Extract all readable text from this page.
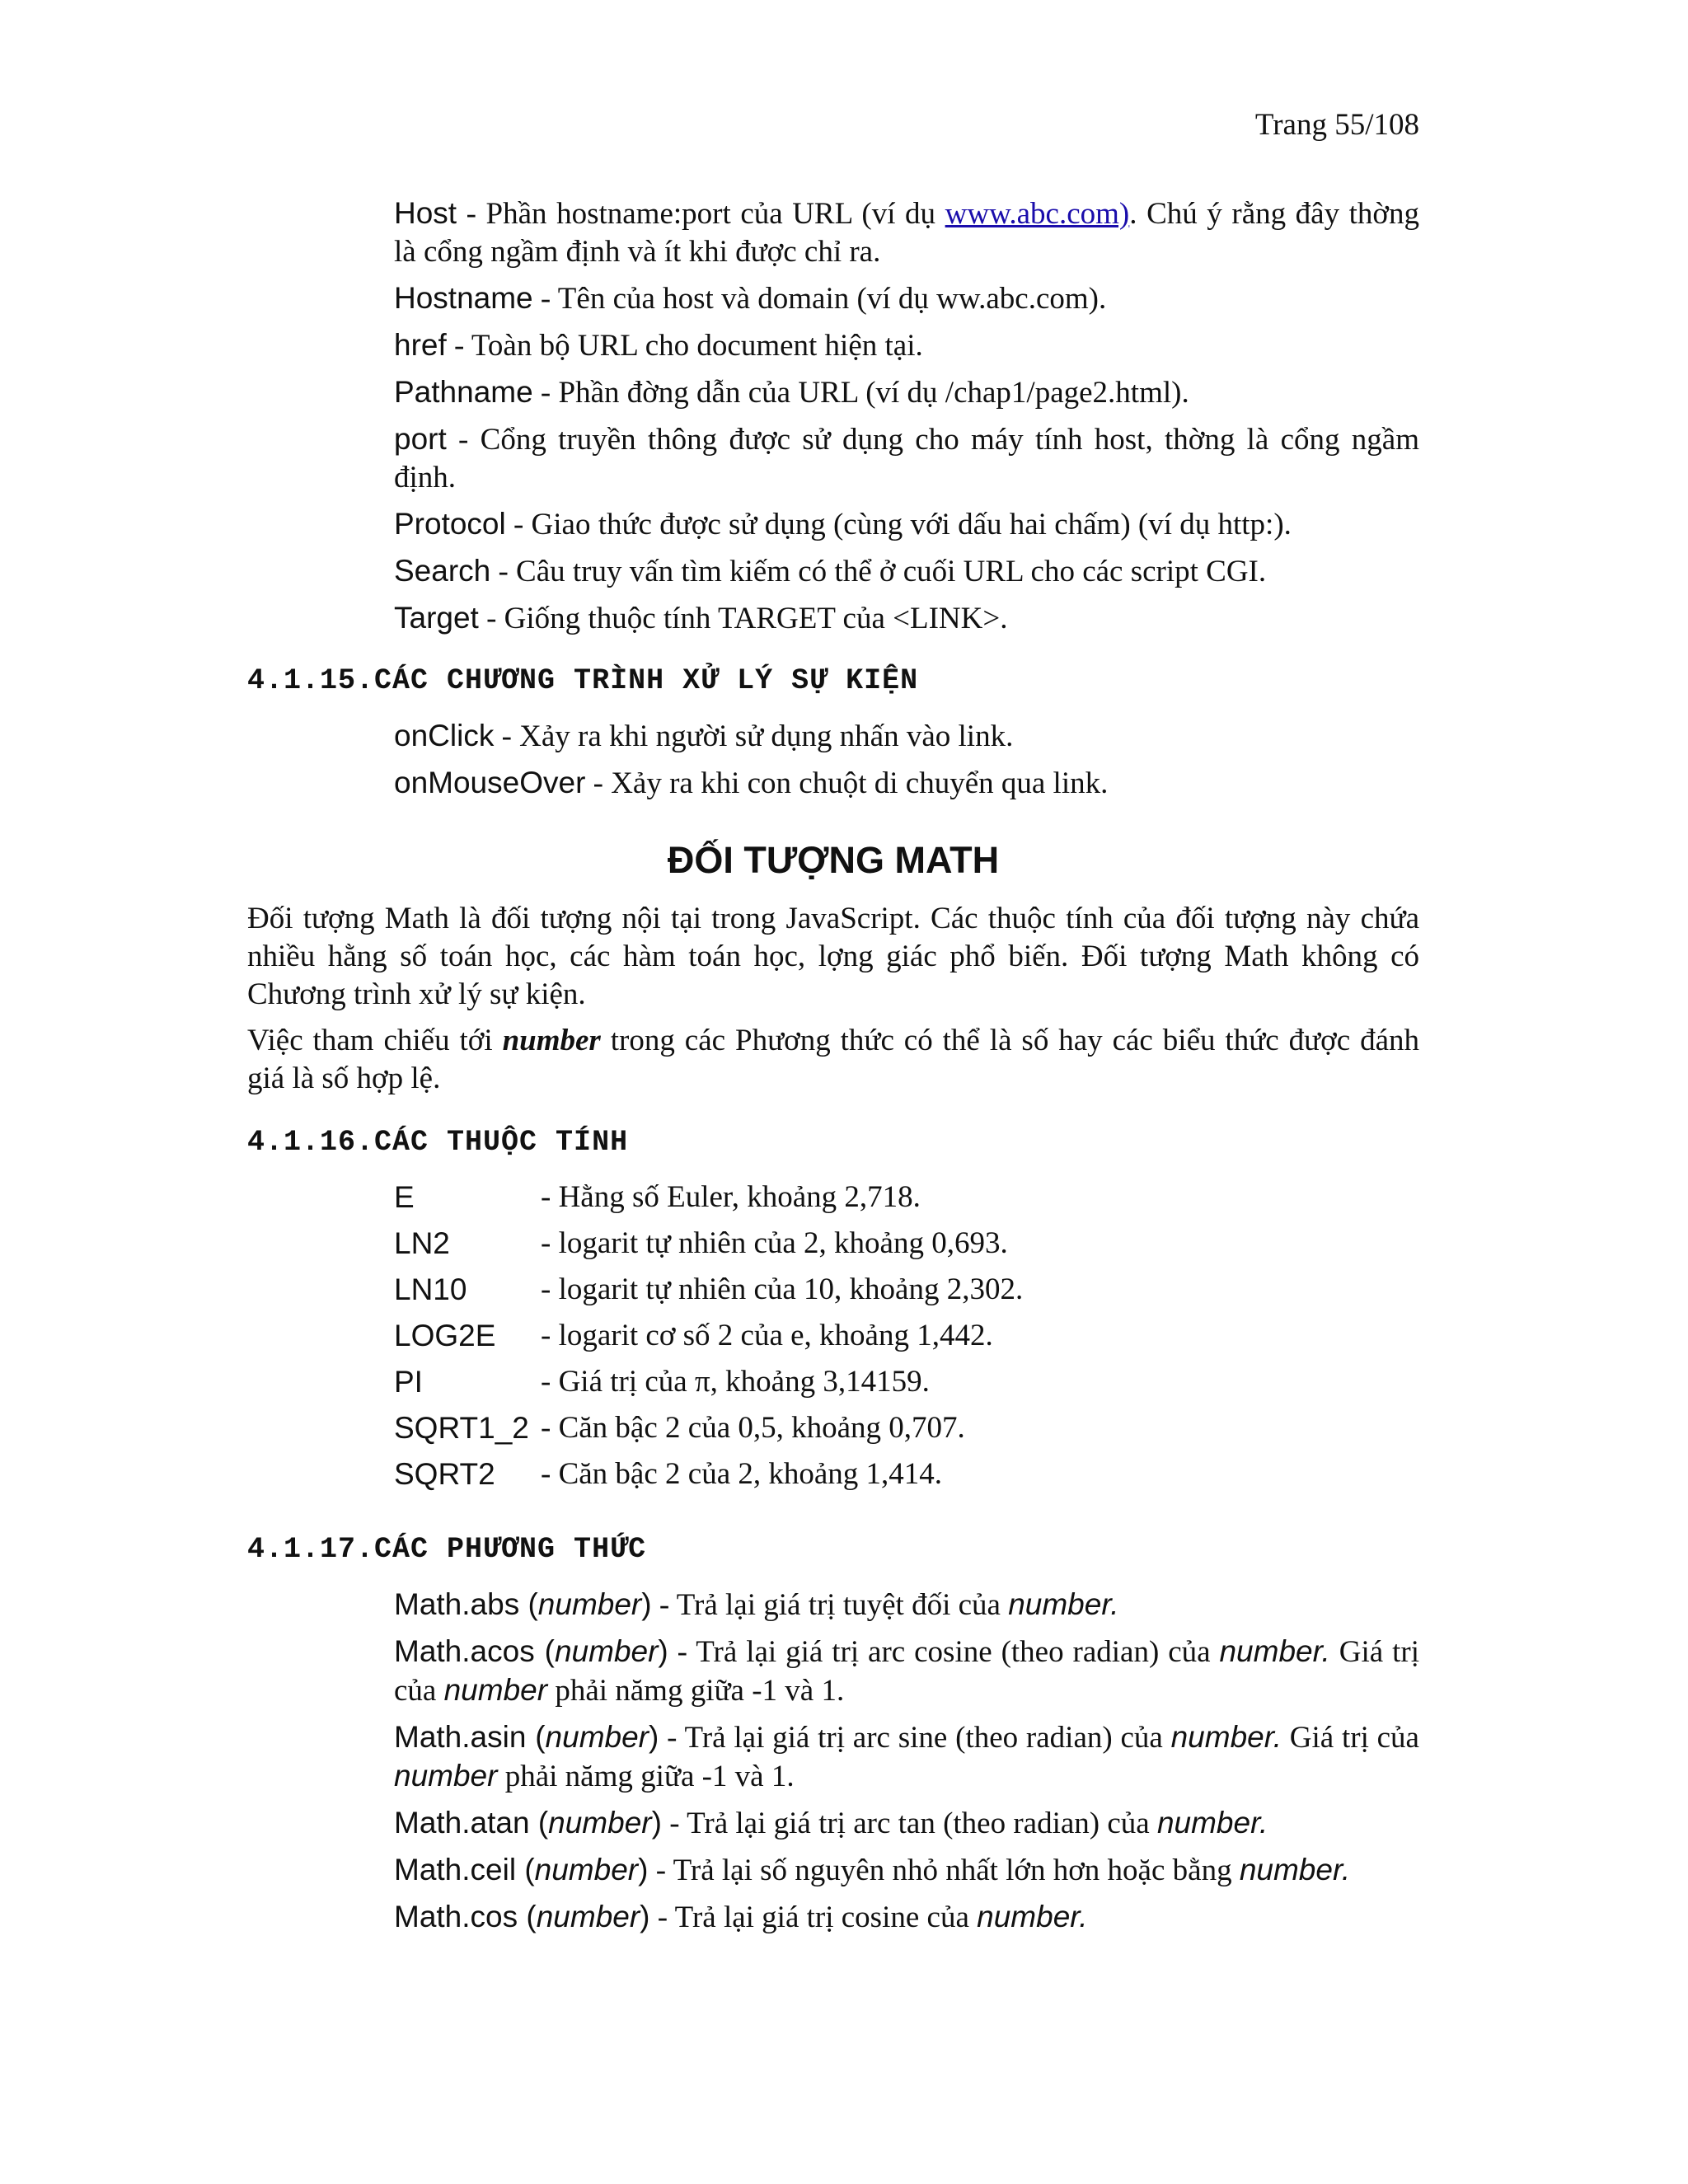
Trang 55/108

Host - Phần hostname:port của URL (ví dụ www.abc.com). Chú ý rằng đây thờng là cổng ngầm định và ít khi được chỉ ra.

Hostname - Tên của host và domain (ví dụ ww.abc.com).

href - Toàn bộ URL cho document hiện tại.

Pathname - Phần đờng dẫn của URL (ví dụ /chap1/page2.html).

port - Cổng truyền thông được sử dụng cho máy tính host, thờng là cổng ngầm định.

Protocol - Giao thức được sử dụng (cùng với dấu hai chấm) (ví dụ http:).

Search - Câu truy vấn tìm kiếm có thể ở cuối URL cho các script CGI.

Target - Giống thuộc tính TARGET của <LINK>.

4.1.15.CÁC CHƯƠNG TRÌNH XỬ LÝ SỰ KIỆN

onClick - Xảy ra khi người sử dụng nhấn vào link.

onMouseOver - Xảy ra khi con chuột di chuyển qua link.

ĐỐI TƯỢNG MATH

Đối tượng Math là đối tượng nội tại trong JavaScript. Các thuộc tính của đối tượng này chứa nhiều hằng số toán học, các hàm toán học, lợng giác phổ biến. Đối tượng Math không có Chương trình xử lý sự kiện.

Việc tham chiếu tới number trong các Phương thức có thể là số hay các biểu thức được đánh giá là số hợp lệ.

4.1.16.CÁC THUỘC TÍNH
E	- Hằng số Euler, khoảng 2,718.
LN2	- logarit tự nhiên của 2, khoảng 0,693.
LN10	- logarit tự nhiên của 10, khoảng 2,302.
LOG2E	- logarit cơ số 2 của e, khoảng 1,442.
PI	- Giá trị của π, khoảng 3,14159.
SQRT1_2 - Căn bậc 2 của 0,5, khoảng 0,707.
SQRT2	- Căn bậc 2 của 2, khoảng 1,414.
4.1.17.CÁC PHƯƠNG THỨC

Math.abs (number) - Trả lại giá trị tuyệt đối của number.

Math.acos (number) - Trả lại giá trị arc cosine (theo radian) của number. Giá trị của number phải nămg giữa -1 và 1.

Math.asin (number) - Trả lại giá trị arc sine (theo radian) của number. Giá trị của number phải nămg giữa -1 và 1.

Math.atan (number) - Trả lại giá trị arc tan (theo radian) của number.

Math.ceil (number) - Trả lại số nguyên nhỏ nhất lớn hơn hoặc bằng number.

Math.cos (number) - Trả lại giá trị cosine của number.
